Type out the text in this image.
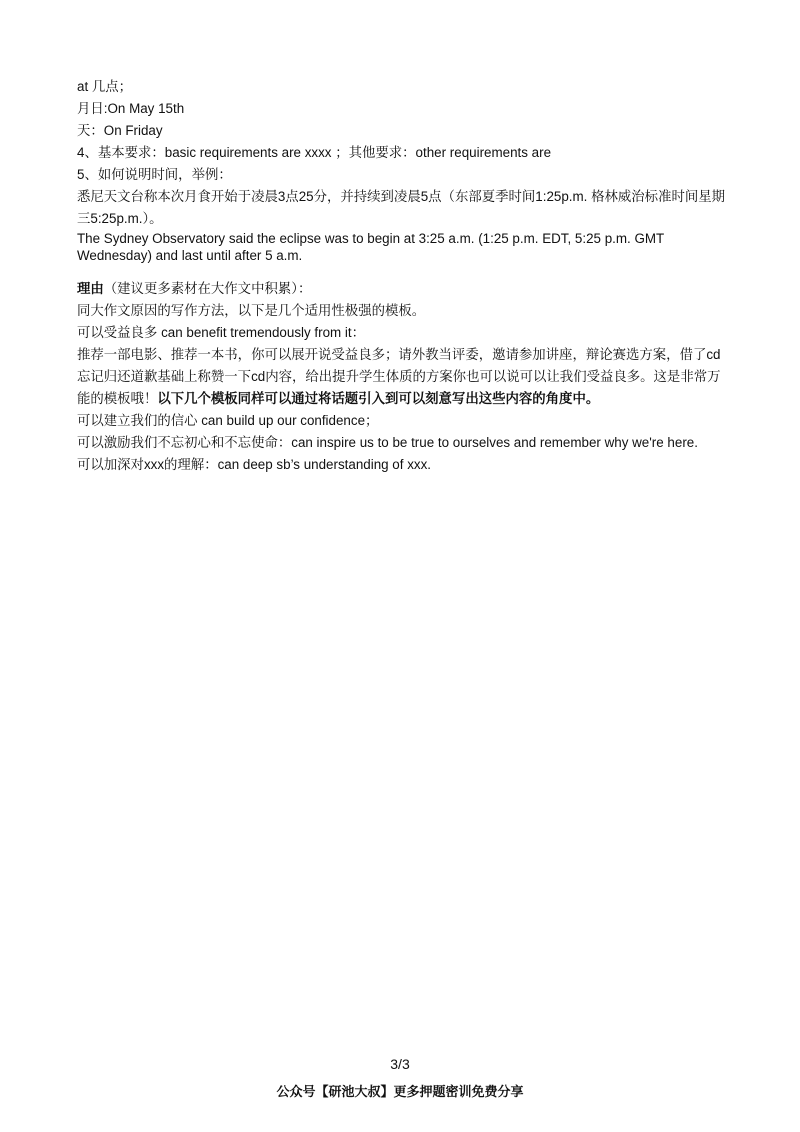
at 几点；
月日:On May 15th
天：On Friday
4、基本要求：basic requirements are xxxx ；其他要求：other requirements are
5、如何说明时间，举例：
悉尼天文台称本次月食开始于凌晨3点25分，并持续到凌晨5点（东部夏季时间1:25p.m. 格林威治标准时间星期三5:25p.m.）。
The Sydney Observatory said the eclipse was to begin at 3:25 a.m. (1:25 p.m. EDT, 5:25 p.m. GMT Wednesday) and last until after 5 a.m.
理由（建议更多素材在大作文中积累）：
同大作文原因的写作方法，以下是几个适用性极强的模板。
可以受益良多 can benefit tremendously from it：
推荐一部电影、推荐一本书，你可以展开说受益良多；请外教当评委，邀请参加讲座，辩论赛选方案，借了cd忘记归还道歉基础上称赞一下cd内容，给出提升学生体质的方案你也可以说可以让我们受益良多。这是非常万能的模板哦！以下几个模板同样可以通过将话题引入到可以刻意写出这些内容的角度中。
可以建立我们的信心 can build up our confidence；
可以激励我们不忘初心和不忘使命：can inspire us to be true to ourselves and remember why we're here.
可以加深对xxx的理解：can deep sb’s understanding of xxx.
3/3
公众号【研池大叔】更多押题密训免费分享
